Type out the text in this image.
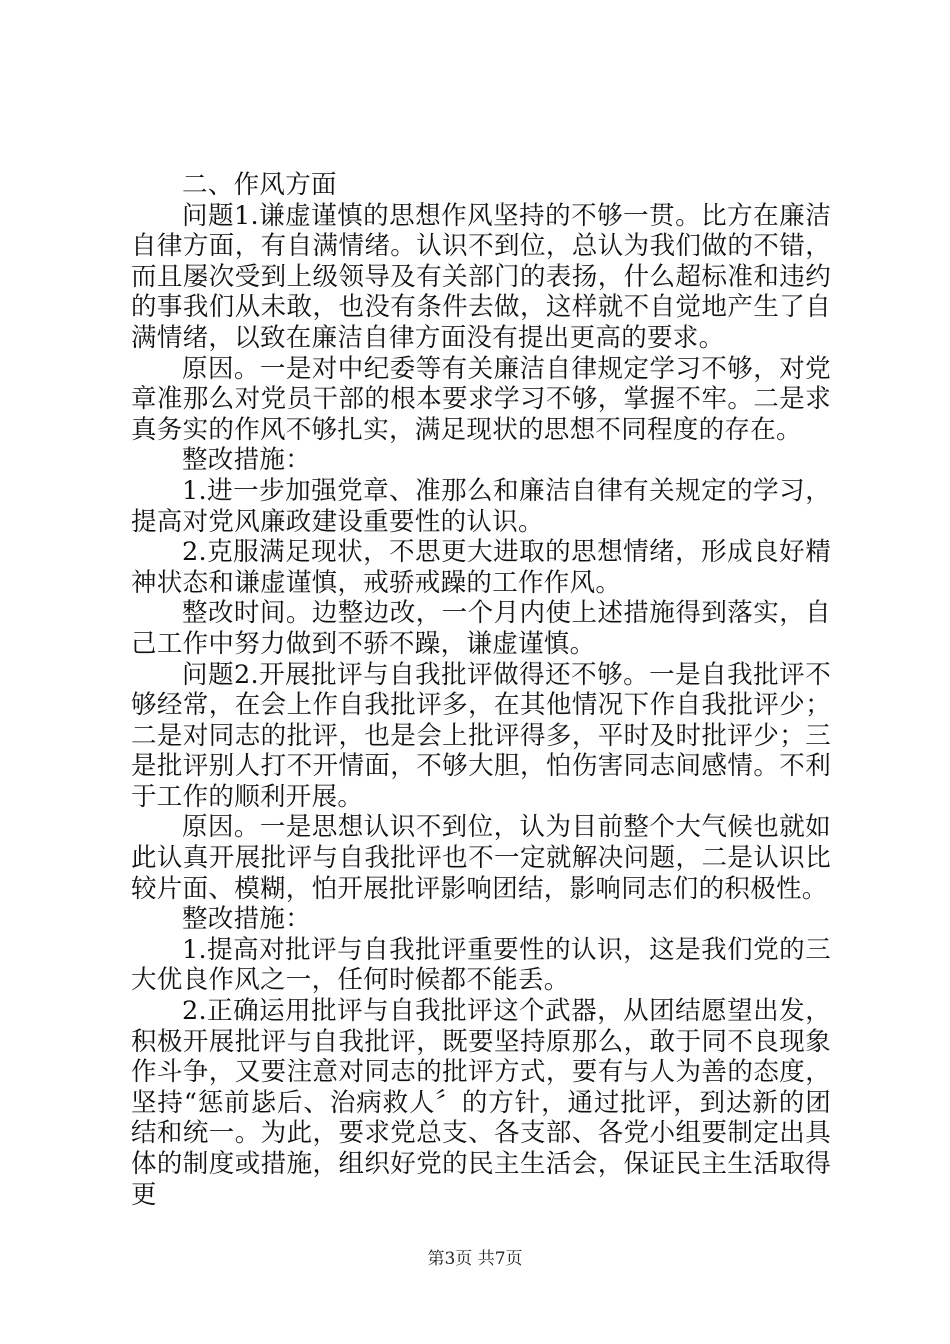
二、作风方面

问题1.谦虚谨慎的思想作风坚持的不够一贯。比方在廉洁自律方面，有自满情绪。认识不到位，总认为我们做的不错，而且屡次受到上级领导及有关部门的表扬，什么超标准和违约的事我们从未敢，也没有条件去做，这样就不自觉地产生了自满情绪，以致在廉洁自律方面没有提出更高的要求。

原因。一是对中纪委等有关廉洁自律规定学习不够，对党章准那么对党员干部的根本要求学习不够，掌握不牢。二是求真务实的作风不够扎实，满足现状的思想不同程度的存在。

整改措施：

1.进一步加强党章、准那么和廉洁自律有关规定的学习，提高对党风廉政建设重要性的认识。

2.克服满足现状，不思更大进取的思想情绪，形成良好精神状态和谦虚谨慎，戒骄戒躁的工作作风。

整改时间。边整边改，一个月内使上述措施得到落实，自己工作中努力做到不骄不躁，谦虚谨慎。

问题2.开展批评与自我批评做得还不够。一是自我批评不够经常，在会上作自我批评多，在其他情况下作自我批评少；二是对同志的批评，也是会上批评得多，平时及时批评少；三是批评别人打不开情面，不够大胆，怕伤害同志间感情。不利于工作的顺利开展。

原因。一是思想认识不到位，认为目前整个大气候也就如此认真开展批评与自我批评也不一定就解决问题，二是认识比较片面、模糊，怕开展批评影响团结，影响同志们的积极性。

整改措施：

1.提高对批评与自我批评重要性的认识，这是我们党的三大优良作风之一，任何时候都不能丢。

2.正确运用批评与自我批评这个武器，从团结愿望出发，积极开展批评与自我批评，既要坚持原那么，敢于同不良现象作斗争，又要注意对同志的批评方式，要有与人为善的态度，坚持“惩前毖后、治病救人〞的方针，通过批评，到达新的团结和统一。为此，要求党总支、各支部、各党小组要制定出具体的制度或措施，组织好党的民主生活会，保证民主生活取得更

第3页 共7页
